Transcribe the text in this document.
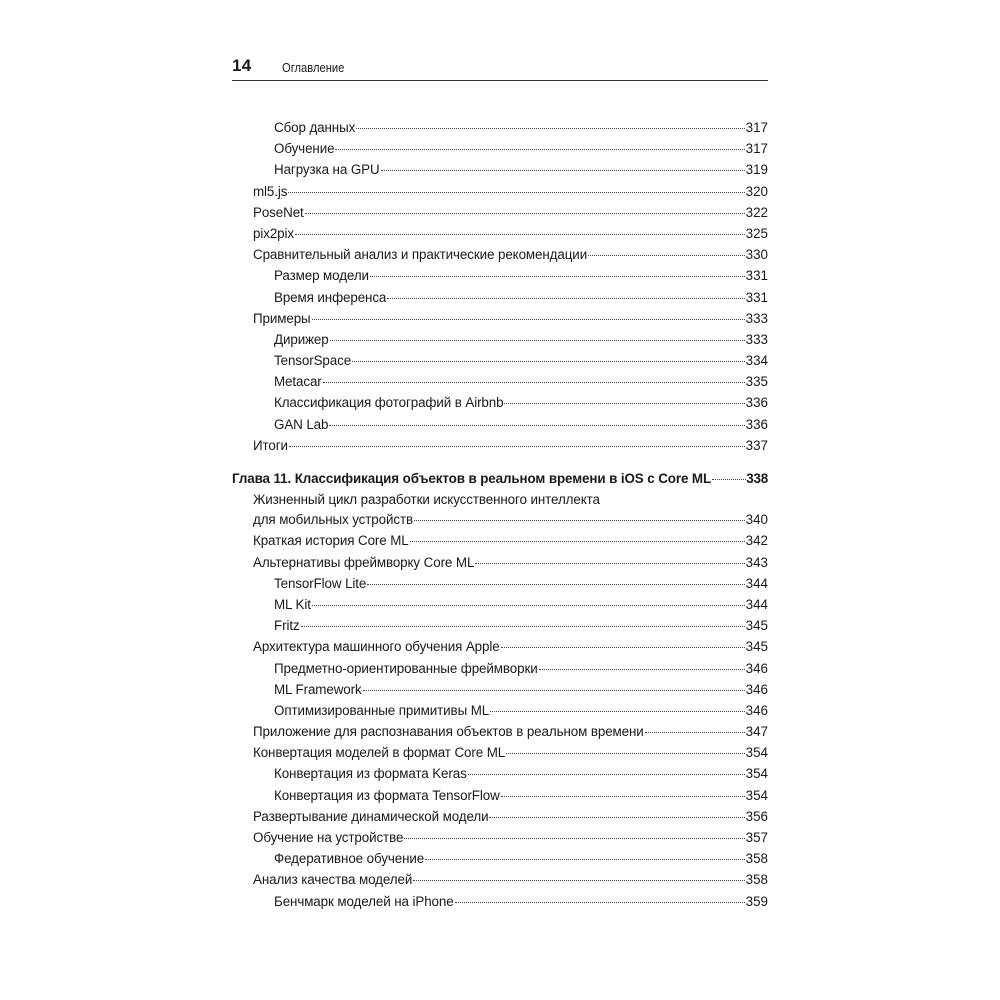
14 Оглавление
Сбор данных	317
Обучение	317
Нагрузка на GPU	319
ml5.js	320
PoseNet	322
pix2pix	325
Сравнительный анализ и практические рекомендации	330
Размер модели	331
Время инференса	331
Примеры	333
Дирижер	333
TensorSpace	334
Metacar	335
Классификация фотографий в Airbnb	336
GAN Lab	336
Итоги	337
Глава 11. Классификация объектов в реальном времени в iOS с Core ML	338
Жизненный цикл разработки искусственного интеллекта
для мобильных устройств	340
Краткая история Core ML	342
Альтернативы фреймворку Core ML	343
TensorFlow Lite	344
ML Kit	344
Fritz	345
Архитектура машинного обучения Apple	345
Предметно-ориентированные фреймворки	346
ML Framework	346
Оптимизированные примитивы ML	346
Приложение для распознавания объектов в реальном времени	347
Конвертация моделей в формат Core ML	354
Конвертация из формата Keras	354
Конвертация из формата TensorFlow	354
Развертывание динамической модели	356
Обучение на устройстве	357
Федеративное обучение	358
Анализ качества моделей	358
Бенчмарк моделей на iPhone	359
